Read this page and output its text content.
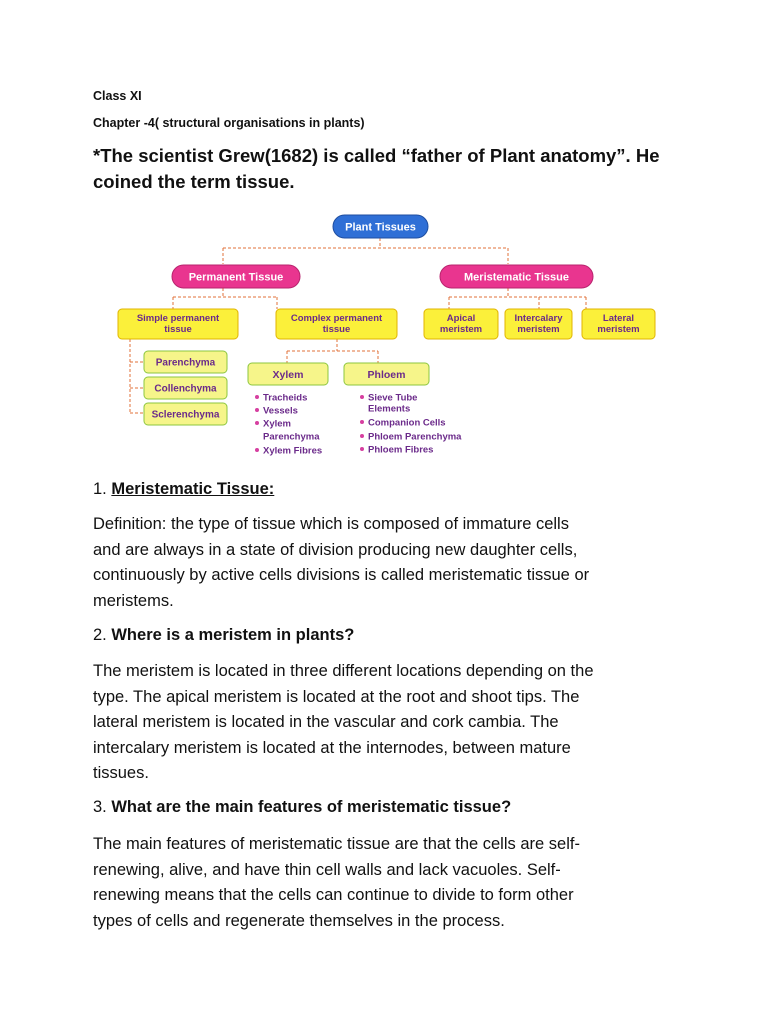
Class XI
Chapter -4( structural organisations in plants)
*The scientist Grew(1682) is called “father of Plant anatomy”. He
coined the term tissue.
Plant Tissues
Permanent Tissue	Meristematic Tissue
Simple permanent
tissue
Complex permanent
tissue
Apical
meristem
Intercalary
meristem
Lateral
meristem
Parenchyma
Collenchyma
Sclerenchyma
Xylem	Phloem
Tracheids
Vessels
Xylem
Parenchyma
Xylem Fibres
Sieve Tube
Elements
Companion Cells
Phloem Parenchyma
Phloem Fibres
1. Meristematic Tissue:
Definition: the type of tissue which is composed of immature cells
and are always in a state of division producing new daughter cells,
continuously by active cells divisions is called meristematic tissue or
meristems.
2. Where is a meristem in plants?
The meristem is located in three different locations depending on the
type. The apical meristem is located at the root and shoot tips. The
lateral meristem is located in the vascular and cork cambia. The
intercalary meristem is located at the internodes, between mature
tissues.
3. What are the main features of meristematic tissue?
The main features of meristematic tissue are that the cells are self-
renewing, alive, and have thin cell walls and lack vacuoles. Self-
renewing means that the cells can continue to divide to form other
types of cells and regenerate themselves in the process.
